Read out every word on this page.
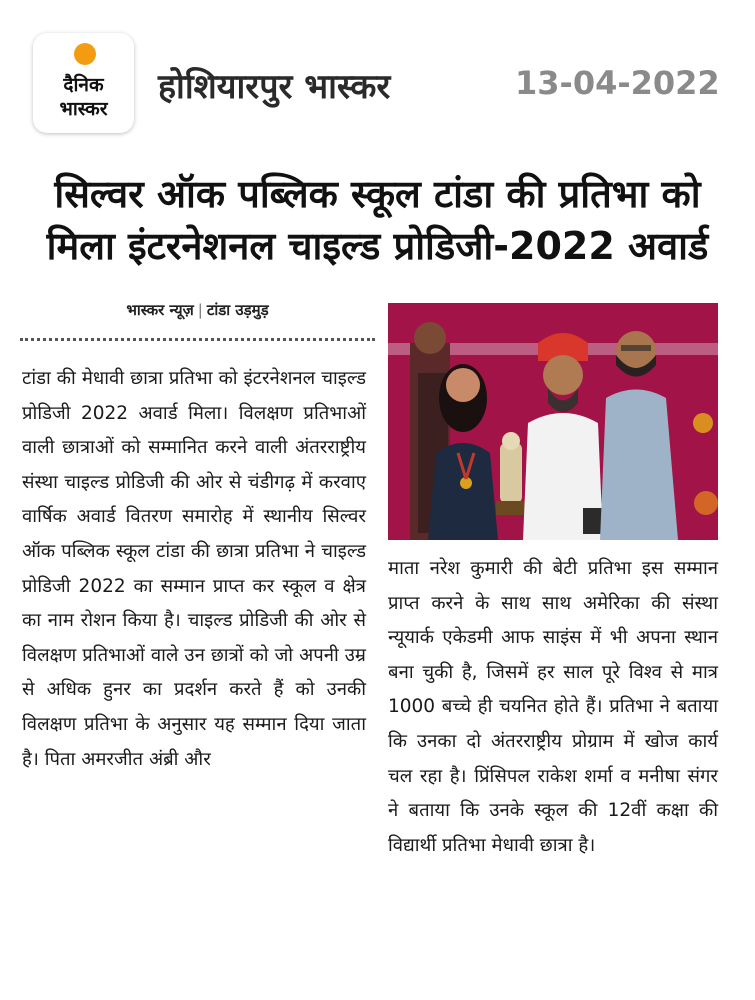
दैनिक
भास्कर
होशियारपुर भास्कर	13-04-2022
सिल्वर ऑक पब्लिक स्कूल टांडा की प्रतिभा को मिला इंटरनेशनल चाइल्ड प्रोडिजी-2022 अवार्ड
भास्कर न्यूज़ | टांडा उड़मुड़
टांडा की मेधावी छात्रा प्रतिभा को इंटरनेशनल चाइल्ड प्रोडिजी 2022 अवार्ड मिला। विलक्षण प्रतिभाओं वाली छात्राओं को सम्मानित करने वाली अंतरराष्ट्रीय संस्था चाइल्ड प्रोडिजी की ओर से चंडीगढ़ में करवाए वार्षिक अवार्ड वितरण समारोह में स्थानीय सिल्वर ऑक पब्लिक स्कूल टांडा की छात्रा प्रतिभा ने चाइल्ड प्रोडिजी 2022 का सम्मान प्राप्त कर स्कूल व क्षेत्र का नाम रोशन किया है। चाइल्ड प्रोडिजी की ओर से विलक्षण प्रतिभाओं वाले उन छात्रों को जो अपनी उम्र से अधिक हुनर का प्रदर्शन करते हैं को उनकी विलक्षण प्रतिभा के अनुसार यह सम्मान दिया जाता है। पिता अमरजीत अंब्री और
माता नरेश कुमारी की बेटी प्रतिभा इस सम्मान प्राप्त करने के साथ साथ अमेरिका की संस्था न्यूयार्क एकेडमी आफ साइंस में भी अपना स्थान बना चुकी है, जिसमें हर साल पूरे विश्व से मात्र 1000 बच्चे ही चयनित होते हैं। प्रतिभा ने बताया कि उनका दो अंतरराष्ट्रीय प्रोग्राम में खोज कार्य चल रहा है। प्रिंसिपल राकेश शर्मा व मनीषा संगर ने बताया कि उनके स्कूल की 12वीं कक्षा की विद्यार्थी प्रतिभा मेधावी छात्रा है।
